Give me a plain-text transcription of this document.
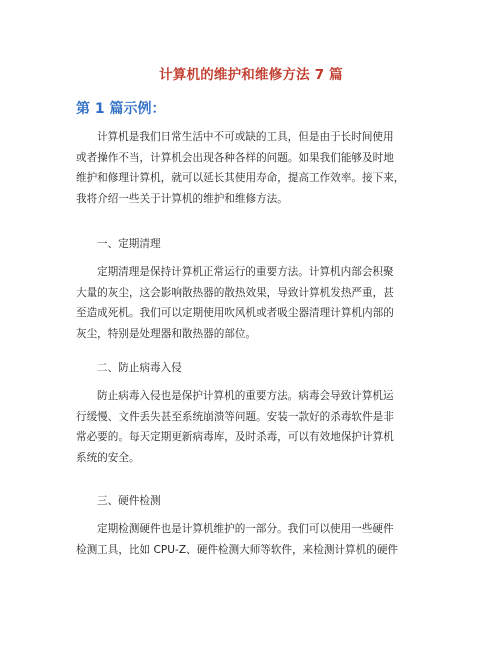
计算机的维护和维修方法 7 篇
第 1 篇示例：

计算机是我们日常生活中不可或缺的工具，但是由于长时间使用

或者操作不当，计算机会出现各种各样的问题。如果我们能够及时地

维护和修理计算机，就可以延长其使用寿命，提高工作效率。接下来，

我将介绍一些关于计算机的维护和维修方法。

一、定期清理

定期清理是保持计算机正常运行的重要方法。计算机内部会积聚

大量的灰尘，这会影响散热器的散热效果，导致计算机发热严重，甚

至造成死机。我们可以定期使用吹风机或者吸尘器清理计算机内部的

灰尘，特别是处理器和散热器的部位。

二、防止病毒入侵

防止病毒入侵也是保护计算机的重要方法。病毒会导致计算机运

行缓慢、文件丢失甚至系统崩溃等问题。安装一款好的杀毒软件是非

常必要的。每天定期更新病毒库，及时杀毒，可以有效地保护计算机

系统的安全。

三、硬件检测

定期检测硬件也是计算机维护的一部分。我们可以使用一些硬件

检测工具，比如 CPU-Z、硬件检测大师等软件，来检测计算机的硬件
